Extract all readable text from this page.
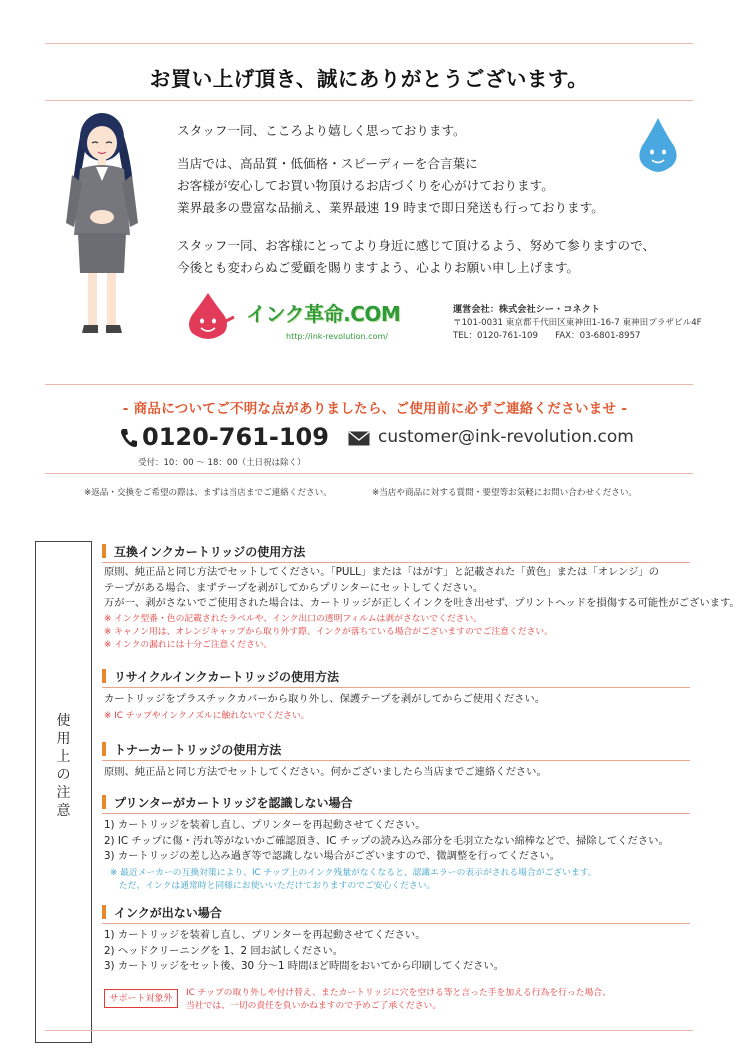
お買い上げ頂き、誠にありがとうございます。
スタッフ一同、こころより嬉しく思っております。
当店では、高品質・低価格・スピーディーを合言葉に
お客様が安心してお買い物頂けるお店づくりを心がけております。
業界最多の豊富な品揃え、業界最速 19 時まで即日発送も行っております。
スタッフ一同、お客様にとってより身近に感じて頂けるよう、努めて参りますので、
今後とも変わらぬご愛顧を賜りますよう、心よりお願い申し上げます。
インク革命.COM
http://ink-revolution.com/
運営会社：株式会社シー・コネクト
〒101-0031 東京都千代田区東神田1-16-7 東神田プラザビル4F
TEL：0120-761-109　　FAX：03-6801-8957
- 商品についてご不明な点がありましたら、ご使用前に必ずご連絡くださいませ -
0120-761-109
受付：10：00 ～ 18：00（土日祝は除く）
customer@ink-revolution.com
※返品・交換をご希望の際は、まずは当店までご連絡ください。	※当店や商品に対する質問・要望等お気軽にお問い合わせください。
使
用
上
の
注
意
互換インクカートリッジの使用方法
原則、純正品と同じ方法でセットしてください。「PULL」または「はがす」と記載された「黄色」または「オレンジ」の
テープがある場合、まずテープを剥がしてからプリンターにセットしてください。
万が一、剥がさないでご使用された場合は、カートリッジが正しくインクを吐き出せず、プリントヘッドを損傷する可能性がございます。
※ インク型番・色の記載されたラベルや、インク出口の透明フィルムは剥がさないでください。
※ キャノン用は、オレンジキャップから取り外す際、インクが落ちている場合がございますのでご注意ください。
※ インクの漏れには十分ご注意ください。
リサイクルインクカートリッジの使用方法
カートリッジをプラスチックカバーから取り外し、保護テープを剥がしてからご使用ください。
※ IC チップやインクノズルに触れないでください。
トナーカートリッジの使用方法
原則、純正品と同じ方法でセットしてください。何かございましたら当店までご連絡ください。
プリンターがカートリッジを認識しない場合
1) カートリッジを装着し直し、プリンターを再起動させてください。
2) IC チップに傷・汚れ等がないかご確認頂き、IC チップの読み込み部分を毛羽立たない綿棒などで、掃除してください。
3) カートリッジの差し込み過ぎ等で認識しない場合がございますので、微調整を行ってください。
※ 最近メーカーの互換対策により、IC チップ上のインク残量がなくなると、認識エラーの表示がされる場合がございます。
　ただ、インクは通常時と同様にお使いいただけておりますのでご安心ください。
インクが出ない場合
1) カートリッジを装着し直し、プリンターを再起動させてください。
2) ヘッドクリーニングを 1、2 回お試しください。
3) カートリッジをセット後、30 分～1 時間ほど時間をおいてから印刷してください。
サポート対象外
IC チップの取り外しや付け替え、またカートリッジに穴を空ける等と言った手を加える行為を行った場合、
当社では、一切の責任を負いかねますので予めご了承ください。
